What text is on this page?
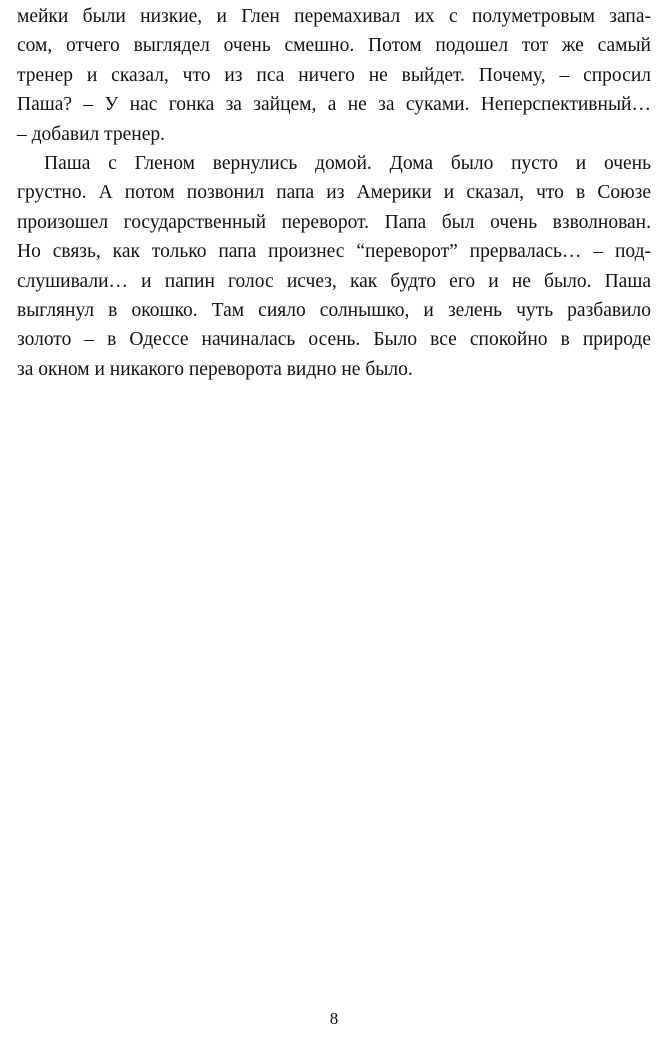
мейки были низкие, и Глен перемахивал их с полуметровым запа-
сом, отчего выглядел очень смешно. Потом подошел тот же самый
тренер и сказал, что из пса ничего не выйдет. Почему, – спросил
Паша? – У нас гонка за зайцем, а не за суками. Неперспективный…
– добавил тренер.
Паша с Гленом вернулись домой. Дома было пусто и очень
грустно. А потом позвонил папа из Америки и сказал, что в Союзе
произошел государственный переворот. Папа был очень взволнован.
Но связь, как только папа произнес “переворот” прервалась… – под-
слушивали… и папин голос исчез, как будто его и не было. Паша
выглянул в окошко. Там сияло солнышко, и зелень чуть разбавило
золото – в Одессе начиналась осень. Было все спокойно в природе
за окном и никакого переворота видно не было.
8
